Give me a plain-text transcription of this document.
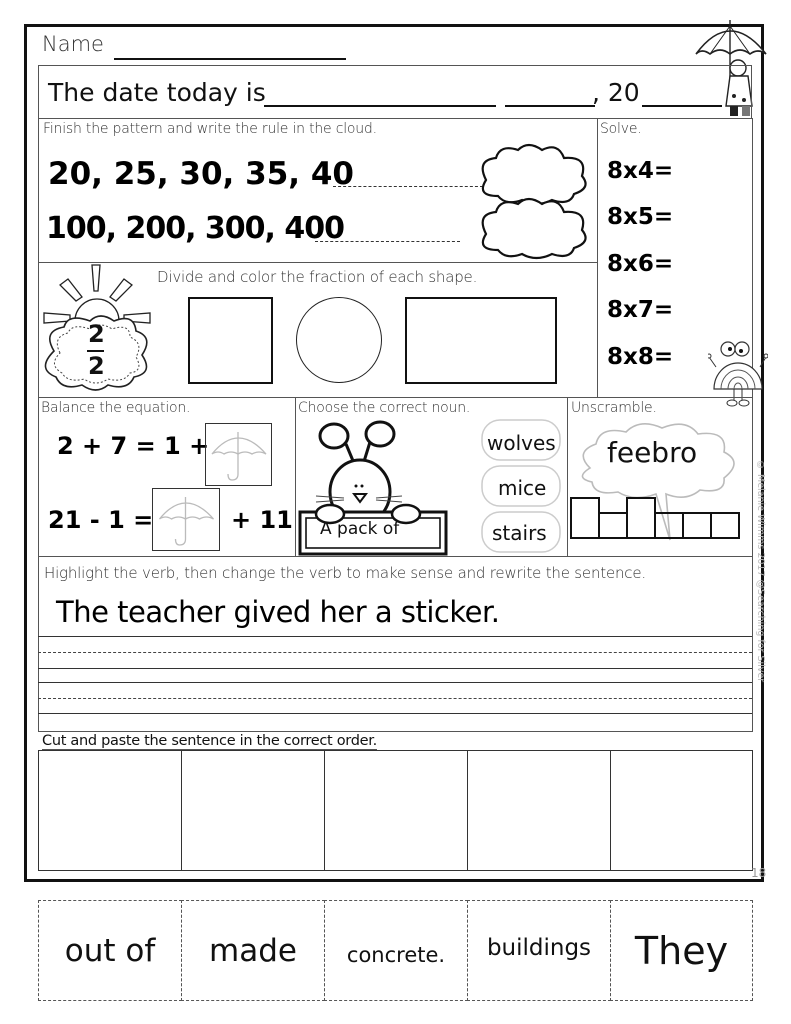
Name
The date today is	, 20
Finish the pattern and write the rule in the cloud.
20, 25, 30, 35, 40
100, 200, 300, 400
Solve.
8x4=
8x5=
8x6=
8x7=
8x8=
Divide and color the fraction of each shape.
2
2
Balance the equation.
2 + 7 = 1 +
21 - 1 =	+ 11
Choose the correct noun.
A pack of
wolves
mice
stairs
Unscramble.
feebro
Highlight the verb, then change the verb to make sense and rewrite the sentence.
The teacher gived her a sticker.	© Melanie Wimms 2017 @Searching for Silver
Cut and paste the sentence in the correct order.
18
out of made concrete. buildings They
